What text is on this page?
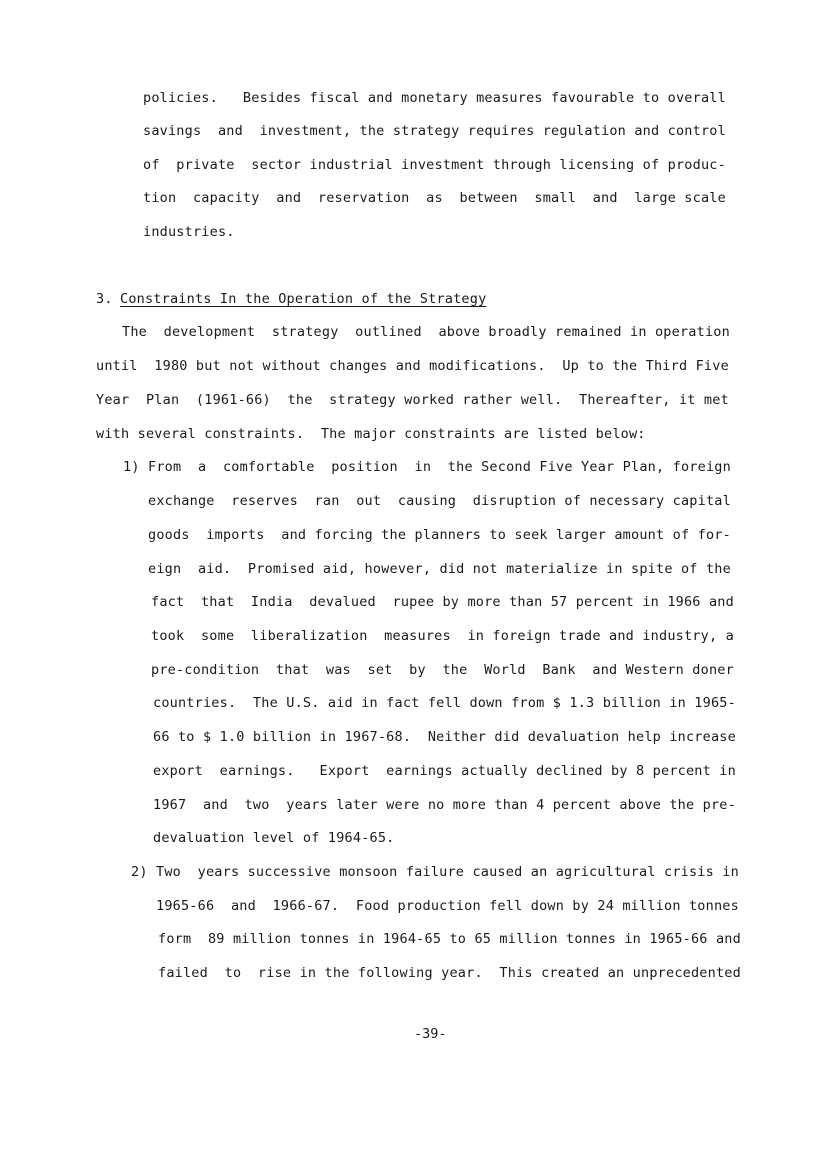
policies.   Besides fiscal and monetary measures favourable to overall
savings  and  investment, the strategy requires regulation and control
of  private  sector industrial investment through licensing of produc-
tion  capacity  and  reservation  as  between  small  and  large scale
industries.
3. Constraints In the Operation of the Strategy
The  development  strategy  outlined  above broadly remained in operation
until  1980 but not without changes and modifications.  Up to the Third Five
Year  Plan  (1961-66)  the  strategy worked rather well.  Thereafter, it met
with several constraints.  The major constraints are listed below:
1) From  a  comfortable  position  in  the Second Five Year Plan, foreign
exchange  reserves  ran  out  causing  disruption of necessary capital
goods  imports  and forcing the planners to seek larger amount of for-
eign  aid.  Promised aid, however, did not materialize in spite of the
fact  that  India  devalued  rupee by more than 57 percent in 1966 and
took  some  liberalization  measures  in foreign trade and industry, a
pre-condition  that  was  set  by  the  World  Bank  and Western doner
countries.  The U.S. aid in fact fell down from $ 1.3 billion in 1965-
66 to $ 1.0 billion in 1967-68.  Neither did devaluation help increase
export  earnings.   Export  earnings actually declined by 8 percent in
1967  and  two  years later were no more than 4 percent above the pre-
devaluation level of 1964-65.
2) Two  years successive monsoon failure caused an agricultural crisis in
1965-66  and  1966-67.  Food production fell down by 24 million tonnes
form  89 million tonnes in 1964-65 to 65 million tonnes in 1965-66 and
failed  to  rise in the following year.  This created an unprecedented
-39-
